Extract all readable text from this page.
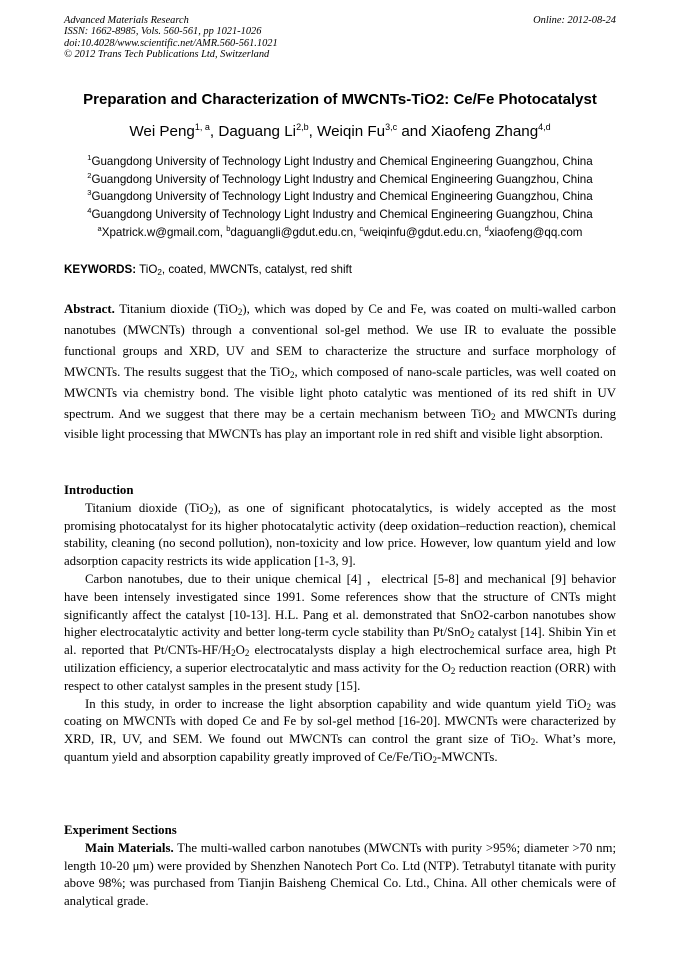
Advanced Materials Research
ISSN: 1662-8985, Vols. 560-561, pp 1021-1026
doi:10.4028/www.scientific.net/AMR.560-561.1021
© 2012 Trans Tech Publications Ltd, Switzerland
Online: 2012-08-24
Preparation and Characterization of MWCNTs-TiO2: Ce/Fe Photocatalyst
Wei Peng$^{1, a}$, Daguang Li$^{2,b}$, Weiqin Fu$^{3,c}$ and Xiaofeng Zhang$^{4,d}$
$^1$Guangdong University of Technology Light Industry and Chemical Engineering Guangzhou, China
$^2$Guangdong University of Technology Light Industry and Chemical Engineering Guangzhou, China
$^3$Guangdong University of Technology Light Industry and Chemical Engineering Guangzhou, China
$^4$Guangdong University of Technology Light Industry and Chemical Engineering Guangzhou, China
$^a$Xpatrick.w@gmail.com, $^b$daguangli@gdut.edu.cn, $^c$weiqinfu@gdut.edu.cn, $^d$xiaofeng@qq.com
KEYWORDS: TiO$_2$, coated, MWCNTs, catalyst, red shift
Abstract. Titanium dioxide (TiO$_2$), which was doped by Ce and Fe, was coated on multi-walled carbon nanotubes (MWCNTs) through a conventional sol-gel method. We use IR to evaluate the possible functional groups and XRD, UV and SEM to characterize the structure and surface morphology of MWCNTs. The results suggest that the TiO$_2$, which composed of nano-scale particles, was well coated on MWCNTs via chemistry bond. The visible light photo catalytic was mentioned of its red shift in UV spectrum. And we suggest that there may be a certain mechanism between TiO$_2$ and MWCNTs during visible light processing that MWCNTs has play an important role in red shift and visible light absorption.
Introduction

Titanium dioxide (TiO$_2$), as one of significant photocatalytics, is widely accepted as the most promising photocatalyst for its higher photocatalytic activity (deep oxidation–reduction reaction), chemical stability, cleaning (no second pollution), non-toxicity and low price. However, low quantum yield and low adsorption capacity restricts its wide application [1-3, 9].

Carbon nanotubes, due to their unique chemical [4] ，electrical [5-8] and mechanical [9] behavior have been intensely investigated since 1991. Some references show that the structure of CNTs might significantly affect the catalyst [10-13]. H.L. Pang et al. demonstrated that SnO2-carbon nanotubes show higher electrocatalytic activity and better long-term cycle stability than Pt/SnO$_2$ catalyst [14]. Shibin Yin et al. reported that $Pt/CNTs-HF/H_2O_2$ electrocatalysts display a high electrochemical surface area, high Pt utilization efficiency, a superior electrocatalytic and mass activity for the $O_2$ reduction reaction (ORR) with respect to other catalyst samples in the present study [15].

In this study, in order to increase the light absorption capability and wide quantum yield TiO$_2$ was coating on MWCNTs with doped Ce and Fe by sol-gel method [16-20]. MWCNTs were characterized by XRD, IR, UV, and SEM. We found out MWCNTs can control the grant size of TiO$_2$. What’s more, quantum yield and absorption capability greatly improved of Ce/Fe/TiO$_2$-MWCNTs.

Experiment Sections

Main Materials. The multi-walled carbon nanotubes (MWCNTs with purity >95%; diameter >70 nm; length 10-20 μm) were provided by Shenzhen Nanotech Port Co. Ltd (NTP). Tetrabutyl titanate with purity above 98%; was purchased from Tianjin Baisheng Chemical Co. Ltd., China. All other chemicals were of analytical grade.
